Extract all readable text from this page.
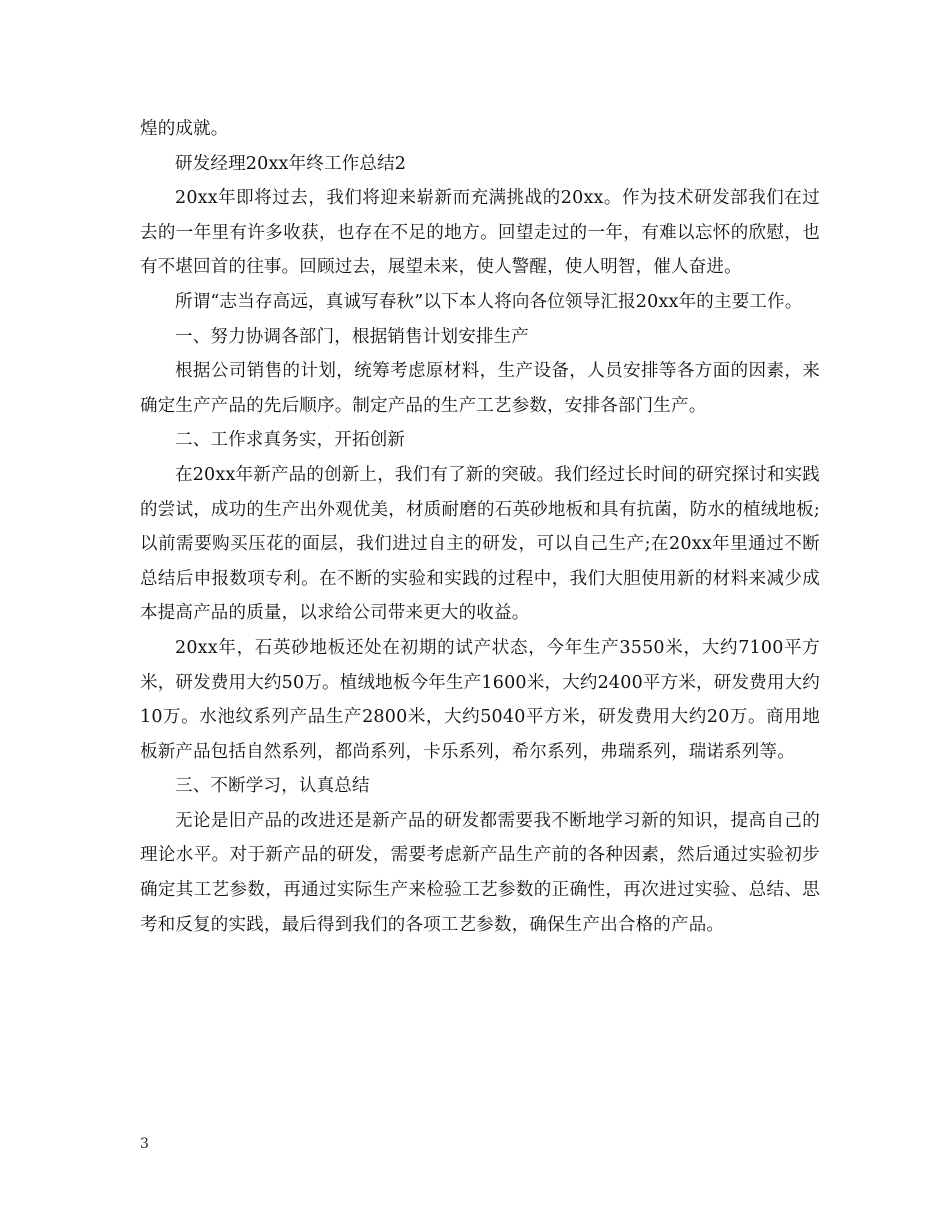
煌的成就。

研发经理20xx年终工作总结2

20xx年即将过去，我们将迎来崭新而充满挑战的20xx。作为技术研发部我们在过去的一年里有许多收获，也存在不足的地方。回望走过的一年，有难以忘怀的欣慰，也有不堪回首的往事。回顾过去，展望未来，使人警醒，使人明智，催人奋进。

所谓“志当存高远，真诚写春秋”以下本人将向各位领导汇报20xx年的主要工作。

一、努力协调各部门，根据销售计划安排生产

根据公司销售的计划，统筹考虑原材料，生产设备，人员安排等各方面的因素，来确定生产产品的先后顺序。制定产品的生产工艺参数，安排各部门生产。

二、工作求真务实，开拓创新

在20xx年新产品的创新上，我们有了新的突破。我们经过长时间的研究探讨和实践的尝试，成功的生产出外观优美，材质耐磨的石英砂地板和具有抗菌，防水的植绒地板;以前需要购买压花的面层，我们进过自主的研发，可以自己生产;在20xx年里通过不断总结后申报数项专利。在不断的实验和实践的过程中，我们大胆使用新的材料来减少成本提高产品的质量，以求给公司带来更大的收益。

20xx年，石英砂地板还处在初期的试产状态，今年生产3550米，大约7100平方米，研发费用大约50万。植绒地板今年生产1600米，大约2400平方米，研发费用大约10万。水池纹系列产品生产2800米，大约5040平方米，研发费用大约20万。商用地板新产品包括自然系列，都尚系列，卡乐系列，希尔系列，弗瑞系列，瑞诺系列等。

三、不断学习，认真总结

无论是旧产品的改进还是新产品的研发都需要我不断地学习新的知识，提高自己的理论水平。对于新产品的研发，需要考虑新产品生产前的各种因素，然后通过实验初步确定其工艺参数，再通过实际生产来检验工艺参数的正确性，再次进过实验、总结、思考和反复的实践，最后得到我们的各项工艺参数，确保生产出合格的产品。

3
